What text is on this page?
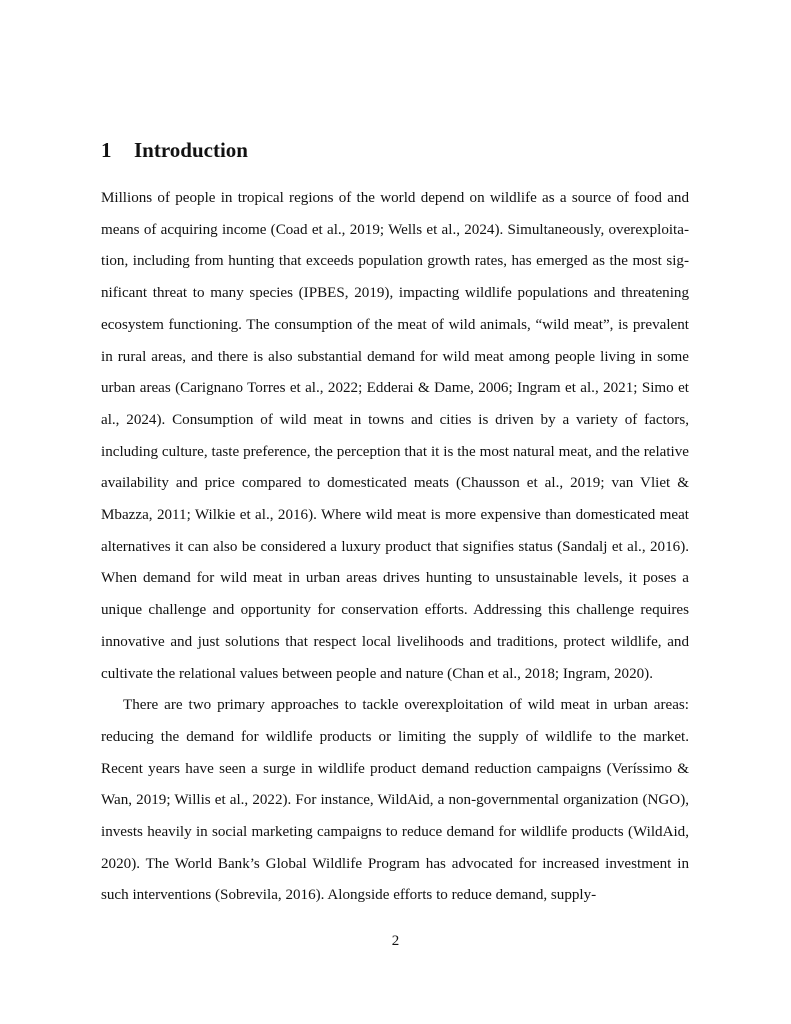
1 Introduction

Millions of people in tropical regions of the world depend on wildlife as a source of food and means of acquiring income (Coad et al., 2019; Wells et al., 2024). Simultaneously, overexploitation, including from hunting that exceeds population growth rates, has emerged as the most significant threat to many species (IPBES, 2019), impacting wildlife populations and threatening ecosystem functioning. The consumption of the meat of wild animals, “wild meat”, is prevalent in rural areas, and there is also substantial demand for wild meat among people living in some urban areas (Carignano Torres et al., 2022; Edderai & Dame, 2006; Ingram et al., 2021; Simo et al., 2024). Consumption of wild meat in towns and cities is driven by a variety of factors, including culture, taste preference, the perception that it is the most natural meat, and the relative availability and price compared to domesticated meats (Chausson et al., 2019; van Vliet & Mbazza, 2011; Wilkie et al., 2016). Where wild meat is more expensive than domesticated meat alternatives it can also be considered a luxury product that signifies status (Sandalj et al., 2016). When demand for wild meat in urban areas drives hunting to unsustainable levels, it poses a unique challenge and opportunity for conservation efforts. Addressing this challenge requires innovative and just solutions that respect local livelihoods and traditions, protect wildlife, and cultivate the relational values between people and nature (Chan et al., 2018; Ingram, 2020).

There are two primary approaches to tackle overexploitation of wild meat in urban areas: reducing the demand for wildlife products or limiting the supply of wildlife to the market. Recent years have seen a surge in wildlife product demand reduction campaigns (Veríssimo & Wan, 2019; Willis et al., 2022). For instance, WildAid, a non-governmental organization (NGO), invests heavily in social marketing campaigns to reduce demand for wildlife products (WildAid, 2020). The World Bank’s Global Wildlife Program has advocated for increased investment in such interventions (Sobrevila, 2016). Alongside efforts to reduce demand, supply-

2
